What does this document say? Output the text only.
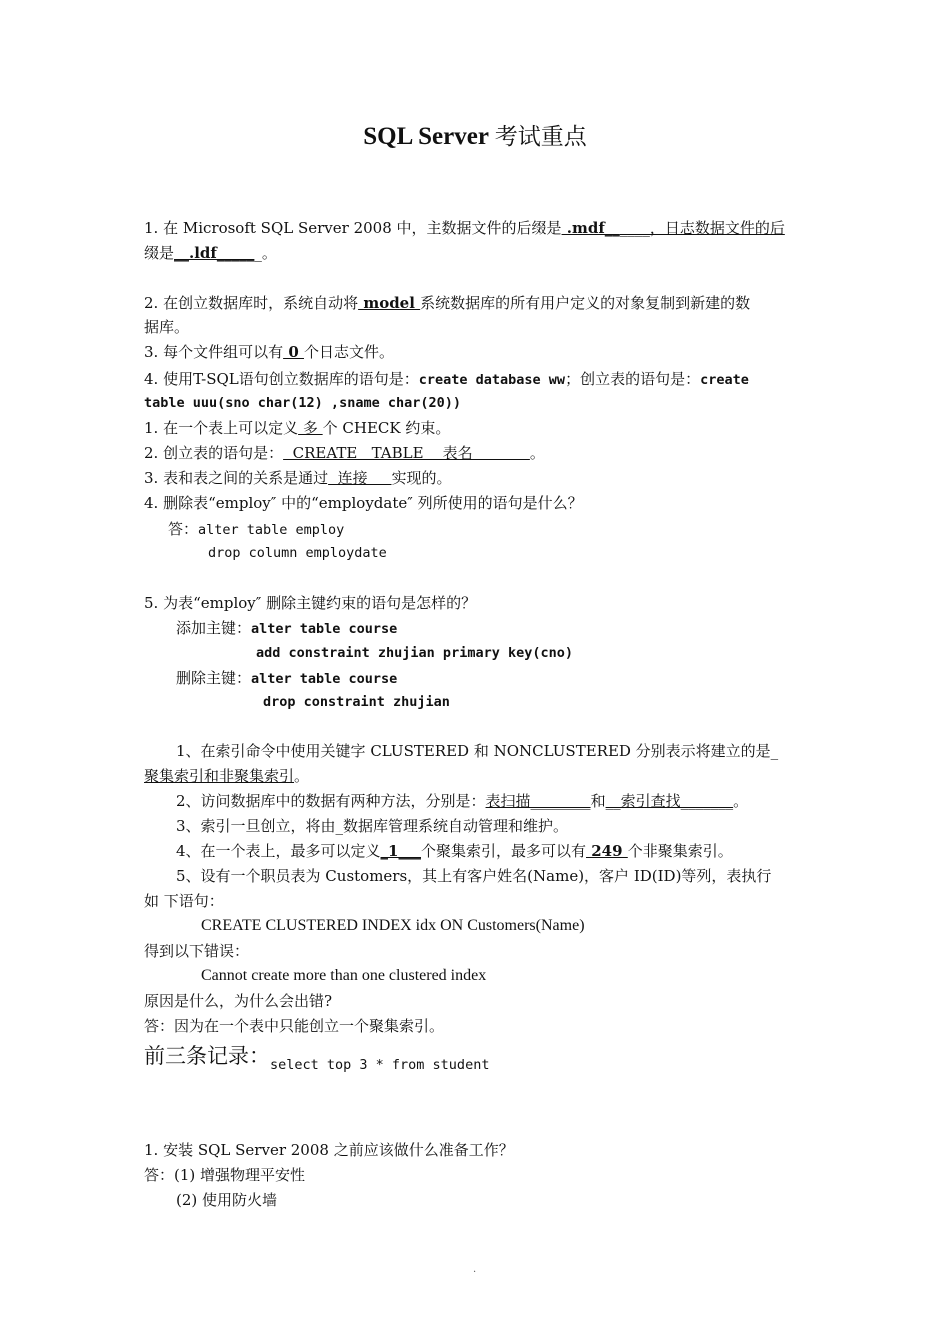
SQL Server 考试重点
1. 在 Microsoft SQL Server 2008 中，主数据文件的后缀是 .mdf______，日志数据文件的后
缀是__.ldf______。
2. 在创立数据库时，系统自动将 model 系统数据库的所有用户定义的对象复制到新建的数
据库。
3. 每个文件组可以有 0 个日志文件。
4. 使用T-SQL语句创立数据库的语句是：create database ww；创立表的语句是：create
table uuu(sno char(12) ,sname char(20))
1. 在一个表上可以定义 多 个 CHECK 约束。
2. 创立表的语句是：  CREATE   TABLE    表名            。
3. 表和表之间的关系是通过  连接     实现的。
4. 删除表“employ″ 中的“employdate″ 列所使用的语句是什么？
答：alter table employ
drop column employdate
5. 为表“employ″ 删除主键约束的语句是怎样的？
添加主键：alter table course
add constraint zhujian primary key(cno)
删除主键：alter table course
drop constraint zhujian
1、在索引命令中使用关键字 CLUSTERED 和 NONCLUSTERED 分别表示将建立的是_
聚集索引和非聚集索引。
2、访问数据库中的数据有两种方法，分别是：表扫描________和__索引查找_______。
3、索引一旦创立，将由_数据库管理系统自动管理和维护。
4、在一个表上，最多可以定义_1___个聚集索引，最多可以有 249 个非聚集索引。
5、设有一个职员表为 Customers，其上有客户姓名(Name)，客户 ID(ID)等列，表执行
如 下语句：
CREATE CLUSTERED INDEX idx ON Customers(Name)
得到以下错误：
Cannot create more than one clustered index
原因是什么，为什么会出错?
答：因为在一个表中只能创立一个聚集索引。
前三条记录：select top 3 * from student
1. 安装 SQL Server 2008 之前应该做什么准备工作？
答：(1) 增强物理平安性
(2) 使用防火墙
.
